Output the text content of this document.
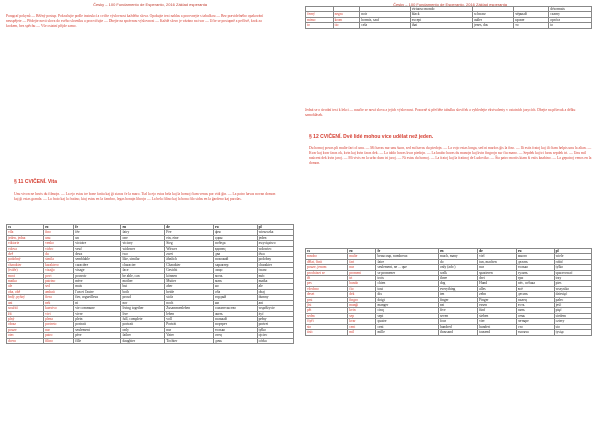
Česky – 100 Fundamento de Esperanto, 2016 Základ esperanta
Paragraf pokynů — Běžný postup. Pokračujte podle instrukcí a cvičte výslovnost každého slova. Opakujte text nahlas a porovnejte s tabulkou — Bez pravidelného opakování neuspějete — Přidejte nová slova do svého slovníku a procvičujte — Dbejte na správnou výslovnost — Každé slovo je vázáno na tvar — Učte se postupně a pečlivě, krok za krokem, bez spěchu — Vše ostatní přijde samo.
§ 11 CVIČENÍ. Vita
Unu vivon ne havis du filmojn. — La ejo estas tre bone farita kaj ĝi staras ĉe la maro. Tial la ejo estas bela kaj la homoj ĉiam venas por vidi ĝin. — La patro havas novan domon kaj ĝi estas granda. — La frato kaj la fratino, kiuj estas en la ĉambro, legas bonajn librojn — La bela filino kaj la bona filo sidas en la ĝardeno kaj parolas.
cs	eo	fr	en	de	ru	pl
víla	fino	fée	fairy	Fee	фея	wieszczka
jeden, jedna	unu	un	one	ein, eine	один	jeden
viktorie	venko	victoire	victory	Sieg	победа	zwycięstwo
vdova	vidvo	veuf	widower	Witwer	вдовец	wdowiec
dvě	du	deux	two	zwei	два	dwa
podobný	simila	semblable	like, similar	ähnlich	похожий	podobny
charakter	karaktero	caractère	character	Charakter	характер	charakter
(tváře)	vizaĝo	visage	face	Gesicht	лицо	twarz
moci	povi	pouvoir	be able, can	können	мочь	móc
matka	patrino	mère	mother	Mutter	мать	matka
ale	sed	mais	but	aber	но	ale
oba, obě	ambaŭ	l'un et l'autre	both	beide	оба	obaj
hrdý, pyšný	fiera	fier, orgueilleux	proud	stolz	гордый	dumny
ani	nek	ni	nor	noch	ни	ani
soužití	kunvivo	vie commune	living together	Zusammenleben	сожительство	współżycie
žít	vivi	vivre	live	leben	жить	żyć
plný	plena	plein	full, complete	voll	полный	pełny
obraz	portreto	portrait	portrait	Porträt	портрет	portret
pouze	nur	seulement	only	nur	только	tylko
otec	patro	père	father	Vater	отец	ojciec
dcera	filino	fille	daughter	Tochter	дочь	córka
Česky – 100 Fundamento de Esperanto, 2016 Základ esperanta
			virtuoso mondo			désormais
černý	negra	noir	black	schwarz	чёрный	czarny
mimo	krom	hormis, sauf	except	außer	кроме	oprócz
to	tio	cela	that	jenes, das	то	to
Jedná se o úvodní text k lekci — naučte se nová slova a jejich výslovnost. Pozorně si přečtěte tabulku slovíček a vyhledejte ekvivalenty v ostatních jazycích. Dbejte na přízvuk a délku samohlásek.
§ 12 CVIČENÍ. Dvě lidé mohou více udělat než jeden.
Du homoj povas pli multe fari ol unu. — Mi havas nur unu ŝuon, sed mi havas du piedojn. — La vojo estas longa, sed ni marŝos ĝis la fino. — Ili estis fratoj kaj ili ĉiam helpis unu la alian. — Kvar kaj kvar faras ok, kvin kaj kvin faras dek. — La tablo havas kvar piedojn. — La knabo havas du manojn kaj kvin fingrojn sur ĉiu mano. — Sepdek kaj tri faras sepdek tri. — Unu mil naŭcent dek kvin jaroj. — Mi vivis en la urbo dum tri jaroj. — Ni estas du homoj. — La fratoj kaj la fratinoj de Ludoviko. — Ŝia patro mortis kiam ŝi estis knabino. — La gepatroj venos en la domon.
cs	eo	fr	en	de	ru	pl
mnoho	multe	beaucoup, nombreux	much, many	viel	много	wiele
dělat, činit	fari	faire	do	tun, machen	делать	robić
pouze, jenom	nur	seulement, ne ... que	only (adv.)	nur	только	tylko
procházet se	promeni	se promener	walk	spazieren	гулять	spacerować
tři	tri	trois	three	drei	три	trzy
pes	hundo	chien	dog	Hund	пёс, собака	pies
všechno	ĉio	tout	everything	alles	всё	wszystko
deset	dek	dix	ten	zehn	десять	dziesięć
prst	fingro	doigt	finger	Finger	палец	palec
jíst	manĝi	manger	eat	essen	есть	jeść
pět	kvin	cinq	five	fünf	пять	pięć
sedm	sep	sept	seven	sieben	семь	siedem
čtyři	kvar	quatre	four	vier	четыре	cztery
sto	cent	cent	hundred	hundert	сто	sto
tisíc	mil	mille	thousand	tausend	тысяча	tysiąc
